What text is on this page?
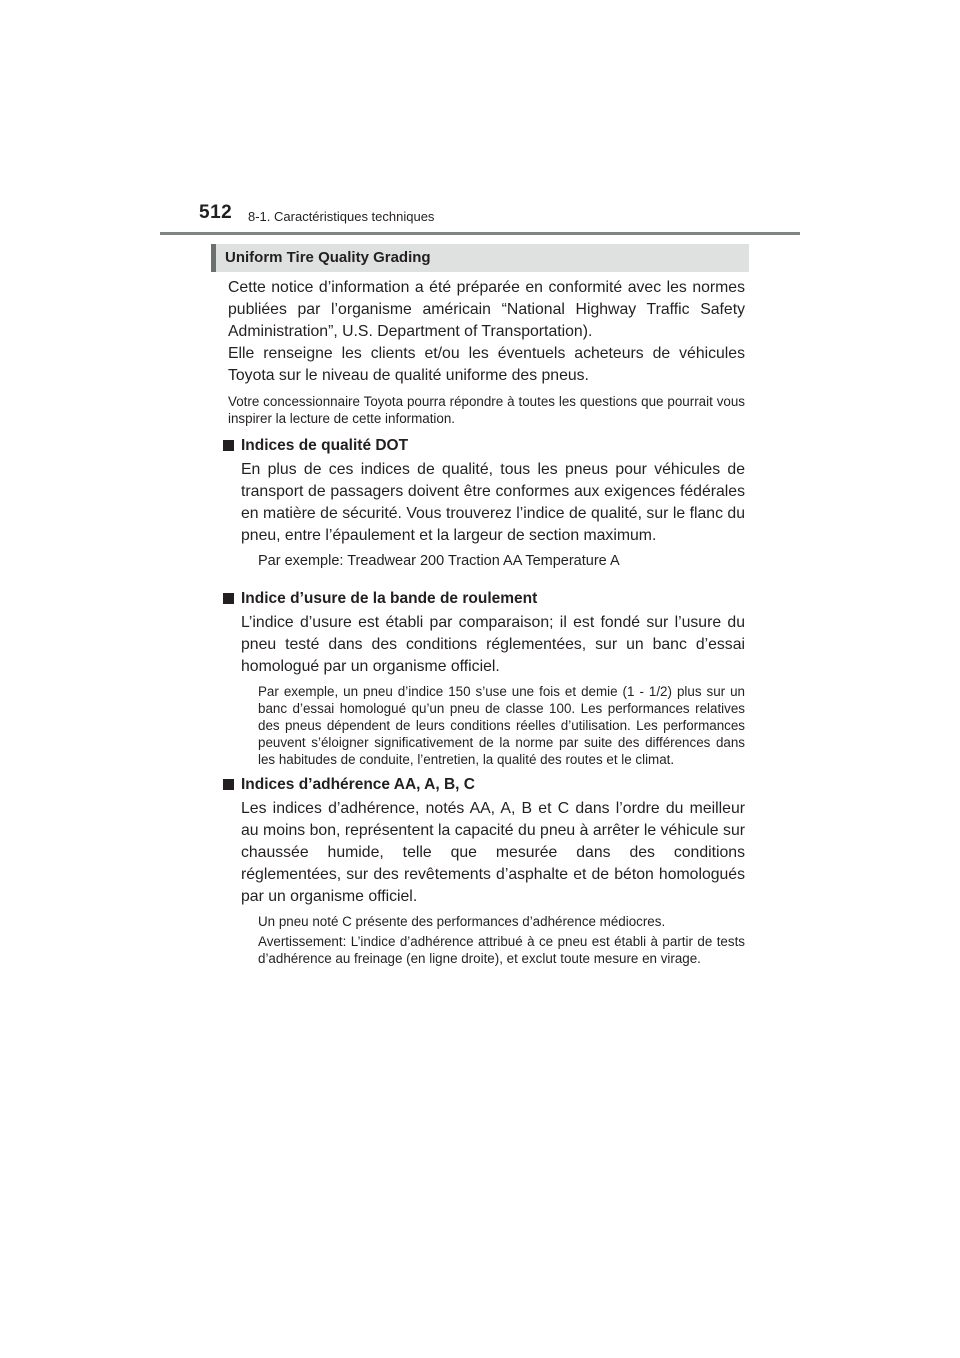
512 8-1. Caractéristiques techniques
Uniform Tire Quality Grading

Cette notice d’information a été préparée en conformité avec les normes publiées par l’organisme américain “National Highway Traffic Safety Administration”, U.S. Department of Transportation).

Elle renseigne les clients et/ou les éventuels acheteurs de véhicules Toyota sur le niveau de qualité uniforme des pneus.

Votre concessionnaire Toyota pourra répondre à toutes les questions que pourrait vous inspirer la lecture de cette information.

Indices de qualité DOT

En plus de ces indices de qualité, tous les pneus pour véhicules de transport de passagers doivent être conformes aux exigences fédérales en matière de sécurité. Vous trouverez l’indice de qualité, sur le flanc du pneu, entre l’épaulement et la largeur de section maximum.

Par exemple: Treadwear 200 Traction AA Temperature A

Indice d’usure de la bande de roulement

L’indice d’usure est établi par comparaison; il est fondé sur l’usure du pneu testé dans des conditions réglementées, sur un banc d’essai homologué par un organisme officiel.

Par exemple, un pneu d’indice 150 s’use une fois et demie (1 - 1/2) plus sur un banc d’essai homologué qu’un pneu de classe 100. Les performances relatives des pneus dépendent de leurs conditions réelles d’utilisation. Les performances peuvent s’éloigner significativement de la norme par suite des différences dans les habitudes de conduite, l’entretien, la qualité des routes et le climat.

Indices d’adhérence AA, A, B, C

Les indices d’adhérence, notés AA, A, B et C dans l’ordre du meilleur au moins bon, représentent la capacité du pneu à arrêter le véhicule sur chaussée humide, telle que mesurée dans des conditions réglementées, sur des revêtements d’asphalte et de béton homologués par un organisme officiel.

Un pneu noté C présente des performances d’adhérence médiocres.

Avertissement: L’indice d’adhérence attribué à ce pneu est établi à partir de tests d’adhérence au freinage (en ligne droite), et exclut toute mesure en virage.
